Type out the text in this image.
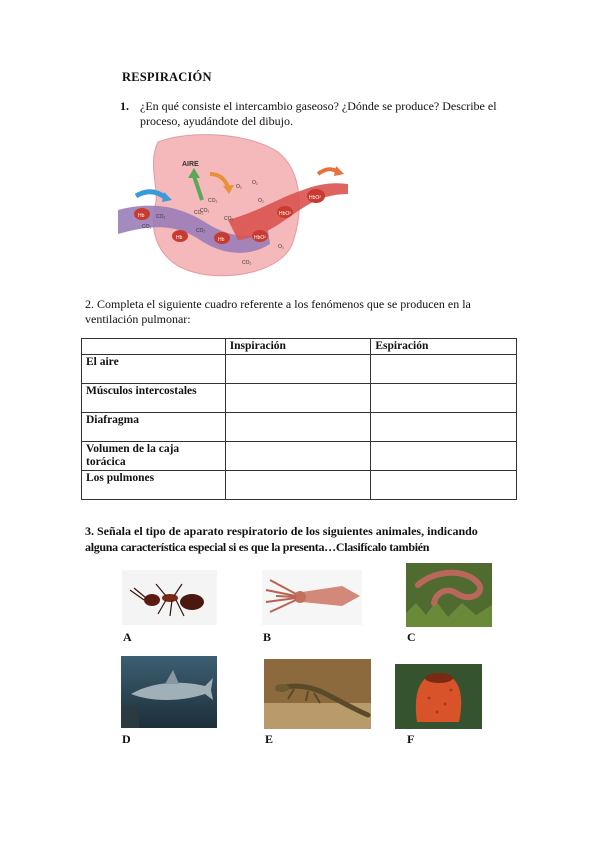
RESPIRACIÓN
1. ¿En qué consiste el intercambio gaseoso? ¿Dónde se produce? Describe el proceso, ayudándote del dibujo.
AIRE
Hb
Hb	Hb	HbO²
HbO²
HbO²
O₂
O₂
O₂
O₂
CO₂
CO₂
CO₂
CO₂
CO₂
CO₂
CO₂
CO₂
2. Completa el siguiente cuadro referente a los fenómenos que se producen en la ventilación pulmonar:
	Inspiración	Espiración
El aire		
Músculos intercostales		
Diafragma		
Volumen de la caja torácica		
Los pulmones		
3. Señala el tipo de aparato respiratorio de los siguientes animales, indicando
alguna característica especial si es que la presenta…Clasifícalo también
A	B	C
D	E	F
